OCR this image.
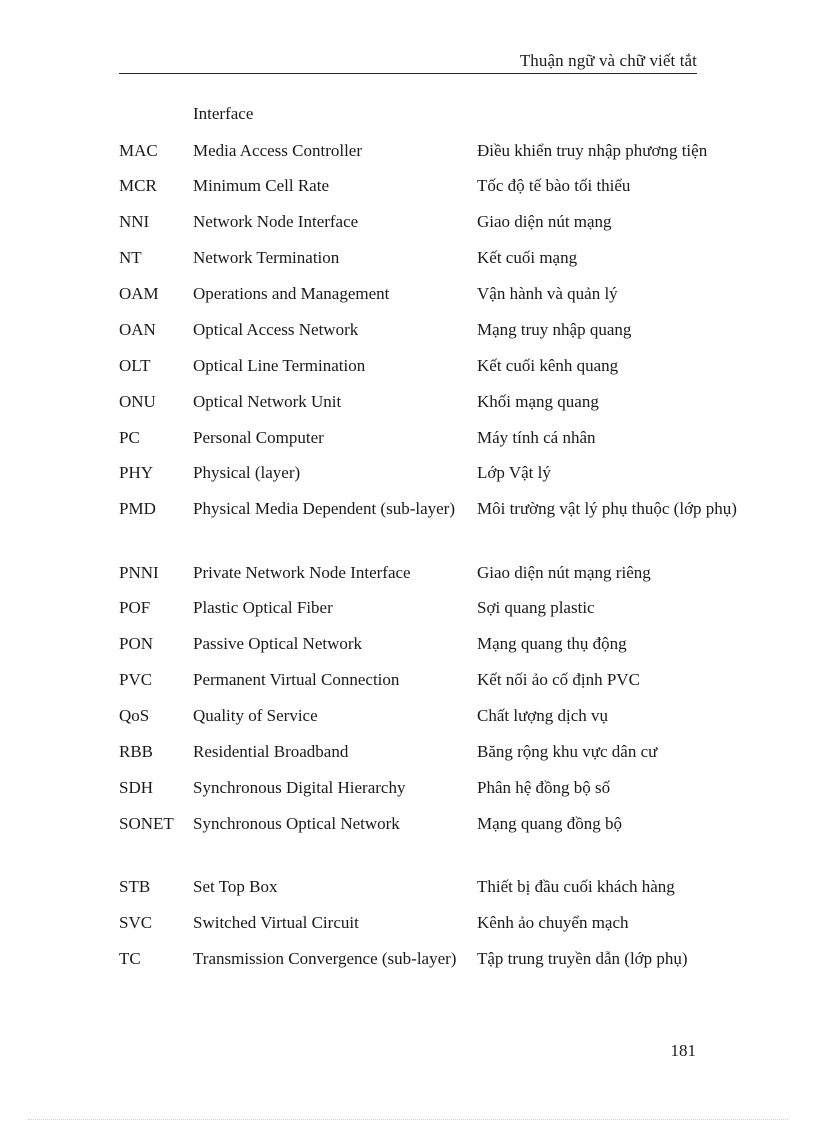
Thuận ngữ và chữ viết tắt
Interface
MAC	Media Access Controller	Điều khiển truy nhập phương tiện
MCR	Minimum Cell Rate	Tốc độ tế bào tối thiểu
NNI	Network Node Interface	Giao diện nút mạng
NT	Network Termination	Kết cuối mạng
OAM	Operations and Management	Vận hành và quản lý
OAN	Optical Access Network	Mạng truy nhập quang
OLT	Optical Line Termination	Kết cuối kênh quang
ONU	Optical Network Unit	Khối mạng quang
PC	Personal Computer	Máy tính cá nhân
PHY	Physical (layer)	Lớp Vật lý
PMD	Physical Media Dependent (sub-layer)	Môi trường vật lý phụ thuộc (lớp phụ)
PNNI	Private Network Node Interface	Giao diện nút mạng riêng
POF	Plastic Optical Fiber	Sợi quang plastic
PON	Passive Optical Network	Mạng quang thụ động
PVC	Permanent Virtual Connection	Kết nối ảo cố định PVC
QoS	Quality of Service	Chất lượng dịch vụ
RBB	Residential Broadband	Băng rộng khu vực dân cư
SDH	Synchronous Digital Hierarchy	Phân hệ đồng bộ số
SONET	Synchronous Optical Network	Mạng quang đồng bộ
STB	Set Top Box	Thiết bị đầu cuối khách hàng
SVC	Switched Virtual Circuit	Kênh ảo chuyển mạch
TC	Transmission Convergence (sub-layer)	Tập trung truyền dẫn (lớp phụ)
181
